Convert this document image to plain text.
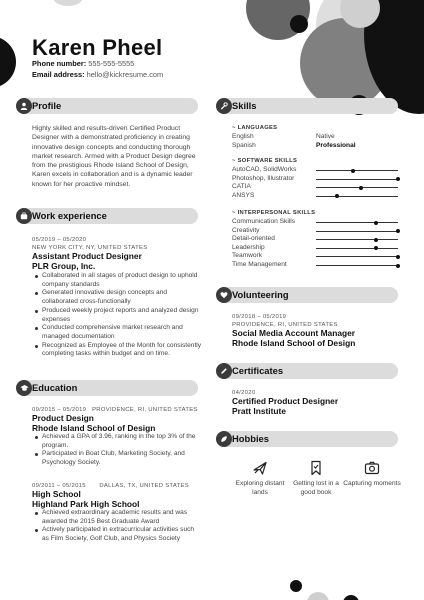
Karen Pheel
Phone number: 555-555-5555
Email address: hello@kickresume.com
Profile
Highly skilled and results-driven Certified Product Designer with a demonstrated proficiency in creating innovative design concepts and conducting thorough market research. Armed with a Product Design degree from the prestigious Rhode Island School of Design, Karen excels in collaboration and is a dynamic leader known for her proactive mindset.
Work experience
05/2019 – 05/2020
NEW YORK CITY, NY, UNITED STATES
Assistant Product Designer
PLR Group, Inc.
Collaborated in all stages of product design to uphold company standards
Generated innovative design concepts and collaborated cross-functionally
Produced weekly project reports and analyzed design expenses
Conducted comprehensive market research and managed documentation
Recognized as Employee of the Month for consistently completing tasks within budget and on time.
Education
09/2015 – 05/2019 PROVIDENCE, RI, UNITED STATES
Product Design
Rhode Island School of Design
Achieved a GPA of 3.96, ranking in the top 3% of the program.
Participated in Boat Club, Marketing Society, and Psychology Society.
09/2011 – 05/2015 DALLAS, TX, UNITED STATES
High School
Highland Park High School
Achieved extraordinary academic results and was awarded the 2015 Best Graduate Award
Actively participated in extracurricular activities such as Film Society, Golf Club, and Physics Society
Skills
~ LANGUAGES
English	Native
Spanish	Professional
~ SOFTWARE SKILLS
AutoCAD, SolidWorks
Photoshop, Illustrator
CATIA
ANSYS
~ INTERPERSONAL SKILLS
Communication Skills
Creativity
Detail-oriented
Leadership
Teamwork
Time Management
Volunteering
09/2018 – 05/2019
PROVIDENCE, RI, UNITED STATES
Social Media Account Manager
Rhode Island School of Design
Certificates
04/2020
Certified Product Designer
Pratt Institute
Hobbies
Exploring distant lands
Getting lost in a good book
Capturing moments
